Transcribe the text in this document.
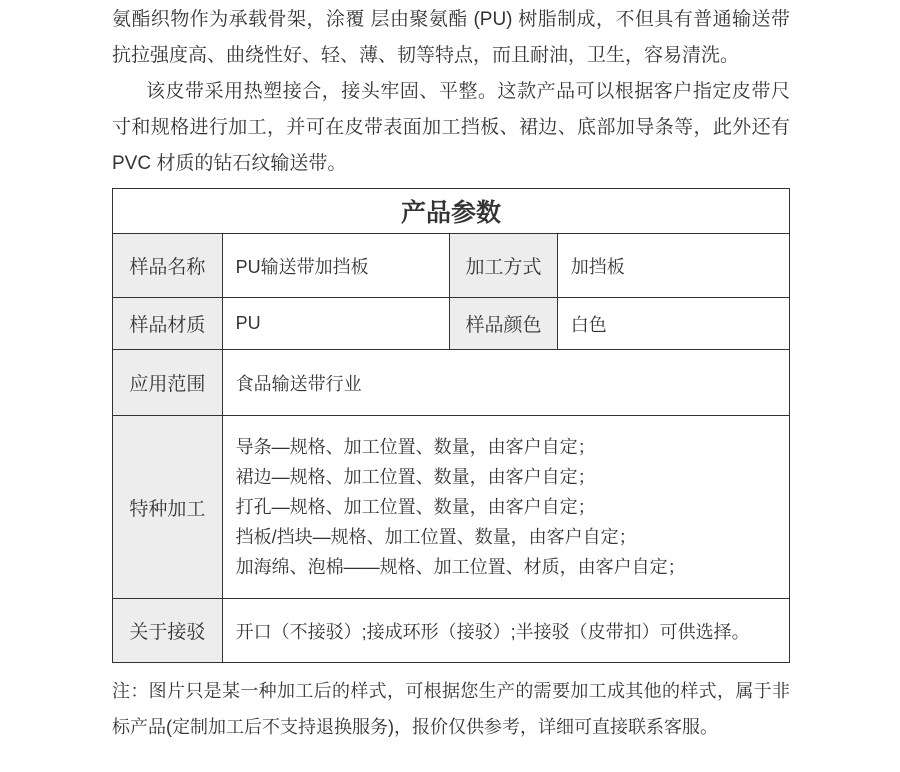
氨酯织物作为承载骨架，涂覆 层由聚氨酯 (PU) 树脂制成，不但具有普通输送带抗拉强度高、曲绕性好、轻、薄、韧等特点，而且耐油，卫生，容易清洗。

该皮带采用热塑接合，接头牢固、平整。这款产品可以根据客户指定皮带尺寸和规格进行加工，并可在皮带表面加工挡板、裙边、底部加导条等，此外还有 PVC 材质的钻石纹输送带。

产品参数			
样品名称	PU输送带加挡板	加工方式	加挡板
样品材质	PU	样品颜色	白色
应用范围	食品输送带行业		
特种加工	导条—规格、加工位置、数量，由客户自定；
裙边—规格、加工位置、数量，由客户自定；
打孔—规格、加工位置、数量，由客户自定；
挡板/挡块—规格、加工位置、数量，由客户自定；
加海绵、泡棉——规格、加工位置、材质，由客户自定；		

关于接驳	开口（不接驳）;接成环形（接驳）;半接驳（皮带扣）可供选择。		

注：图片只是某一种加工后的样式，可根据您生产的需要加工成其他的样式，属于非标产品(定制加工后不支持退换服务)，报价仅供参考，详细可直接联系客服。
